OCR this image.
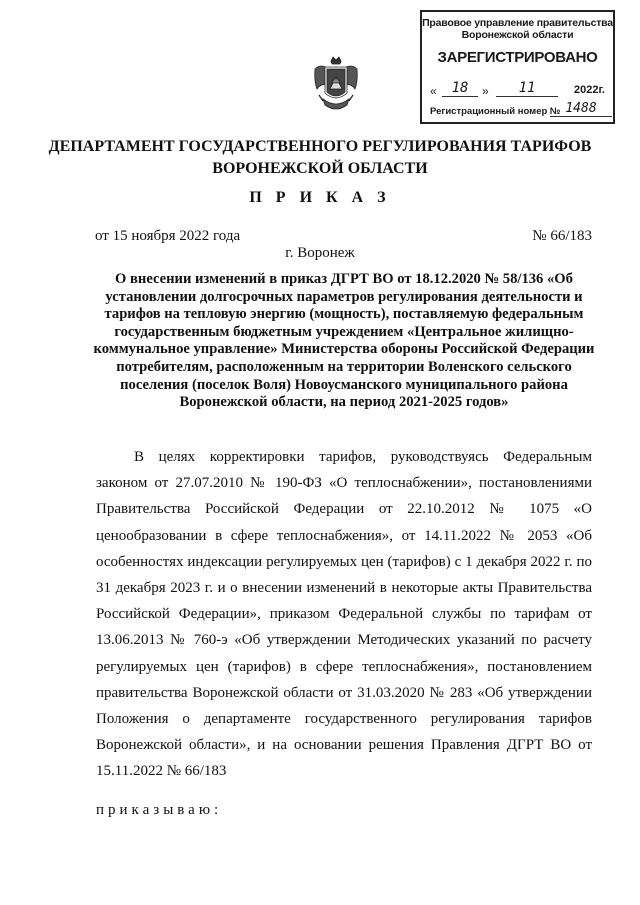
Правовое управление правительства Воронежской области
ЗАРЕГИСТРИРОВАНО
«	18	»	11	2022г.
Регистрационный номер № 1488
ДЕПАРТАМЕНТ ГОСУДАРСТВЕННОГО РЕГУЛИРОВАНИЯ ТАРИФОВ ВОРОНЕЖСКОЙ ОБЛАСТИ
П Р И К А З
от 15 ноября 2022 года	№ 66/183
г. Воронеж
О внесении изменений в приказ ДГРТ ВО от 18.12.2020 № 58/136 «Об установлении долгосрочных параметров регулирования деятельности и тарифов на тепловую энергию (мощность), поставляемую федеральным государственным бюджетным учреждением «Центральное жилищно-коммунальное управление» Министерства обороны Российской Федерации потребителям, расположенным на территории Воленского сельского поселения (поселок Воля) Новоусманского муниципального района Воронежской области, на период 2021-2025 годов»
В целях корректировки тарифов, руководствуясь Федеральным законом от 27.07.2010 № 190-ФЗ «О теплоснабжении», постановлениями Правительства Российской Федерации от 22.10.2012 № 1075 «О ценообразовании в сфере теплоснабжения», от 14.11.2022 № 2053 «Об особенностях индексации регулируемых цен (тарифов) с 1 декабря 2022 г. по 31 декабря 2023 г. и о внесении изменений в некоторые акты Правительства Российской Федерации», приказом Федеральной службы по тарифам от 13.06.2013 № 760-э «Об утверждении Методических указаний по расчету регулируемых цен (тарифов) в сфере теплоснабжения», постановлением правительства Воронежской области от 31.03.2020 № 283 «Об утверждении Положения о департаменте государственного регулирования тарифов Воронежской области», и на основании решения Правления ДГРТ ВО от 15.11.2022 № 66/183
приказываю:
